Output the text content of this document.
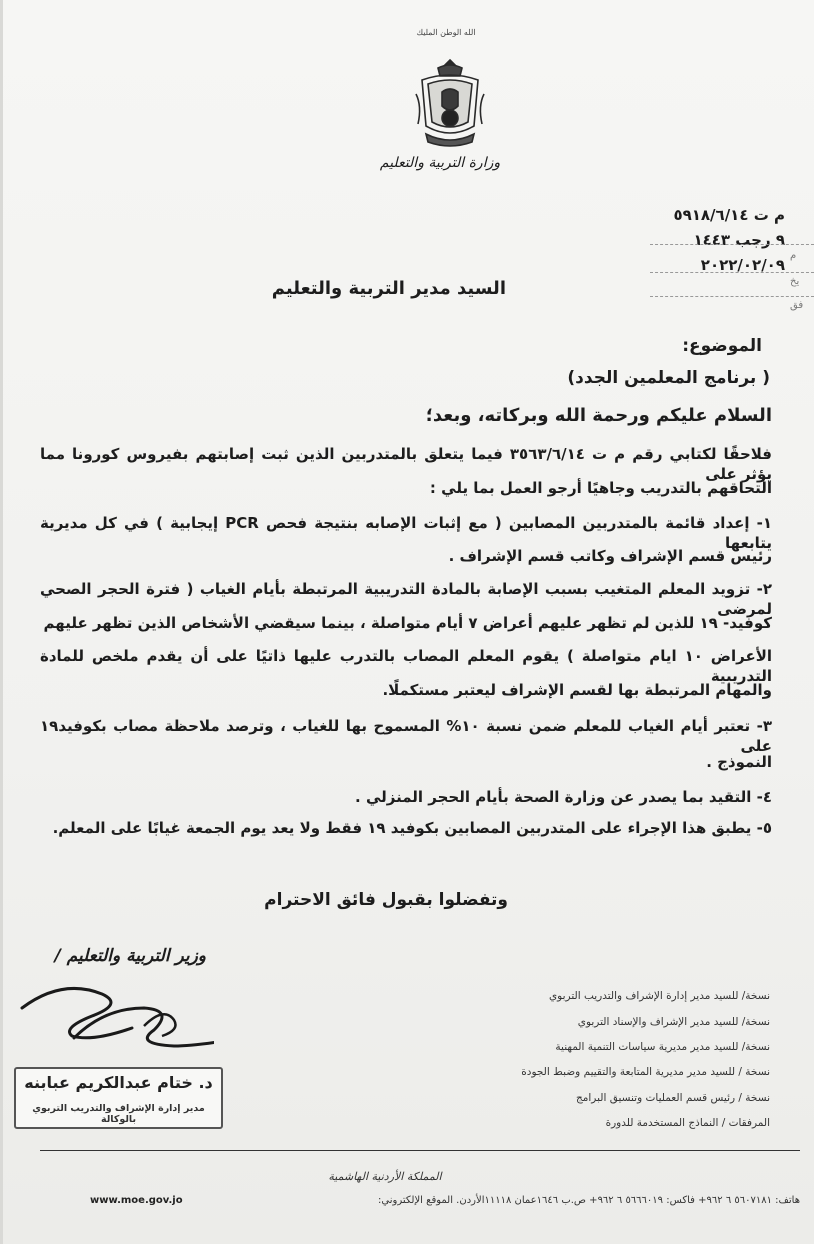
الله الوطن المليك
وزارة التربية والتعليم
م ت ٥٩١٨/٦/١٤
٩ رجب ١٤٤٣
٢٠٢٢/٠٢/٠٩
م
يخ
فق
السيد مدير التربية والتعليم
الموضوع:
( برنامج المعلمين الجدد)
السلام عليكم ورحمة الله وبركاته، وبعد؛
فلاحقًا لكتابي رقم م ت ٣٥٦٣/٦/١٤ فيما يتعلق بالمتدربين الذين ثبت إصابتهم بفيروس كورونا مما يؤثر على
التحاقهم بالتدريب وجاهيًا أرجو العمل بما يلي :
١- إعداد قائمة بالمتدربين المصابين ( مع إثبات الإصابه بنتيجة فحص PCR إيجابية ) في كل مديرية يتابعها
رئيس قسم الإشراف وكاتب قسم الإشراف .
٢- تزويد المعلم المتغيب بسبب الإصابة بالمادة التدريبية المرتبطة بأيام الغياب ( فترة الحجر الصحي لمرضى
كوفيد- ١٩ للذين لم تظهر عليهم أعراض ٧ أيام متواصلة ، بينما سيقضي الأشخاص الذين تظهر عليهم
الأعراض ١٠ ايام متواصلة ) يقوم المعلم المصاب بالتدرب عليها ذاتيًا على أن يقدم ملخص للمادة التدريبية
والمهام المرتبطة بها لقسم الإشراف ليعتبر مستكملًا.
٣- تعتبر أيام الغياب للمعلم ضمن نسبة ١٠% المسموح بها للغياب ، وترصد ملاحظة مصاب بكوفيد١٩ على
النموذج .
٤- التقيد بما يصدر عن وزارة الصحة بأيام الحجر المنزلي .
٥- يطبق هذا الإجراء على المتدربين المصابين بكوفيد ١٩ فقط ولا يعد يوم الجمعة غيابًا على المعلم.
وتفضلوا بقبول فائق الاحترام
وزير التربية والتعليم /
د. ختام عبدالكريم عبابنه
مدير إدارة الإشراف والتدريب التربوي بالوكالة
نسخة/ للسيد مدير إدارة الإشراف والتدريب التربوي
نسخة/ للسيد مدير الإشراف والإسناد التربوي
نسخة/ للسيد مدير مديرية سياسات التنمية المهنية
نسخة / للسيد مدير مديرية المتابعة والتقييم وضبط الجودة
نسخة / رئيس قسم العمليات وتنسيق البرامج
المرفقات / النماذج المستخدمة للدورة
المملكة الأردنية الهاشمية
هاتف: ٥٦٠٧١٨١ ٦ ٩٦٢+ فاكس: ٥٦٦٦٠١٩ ٦ ٩٦٢+ ص.ب ١٦٤٦عمان ١١١١٨الأردن. الموقع الإلكتروني:
www.moe.gov.jo
